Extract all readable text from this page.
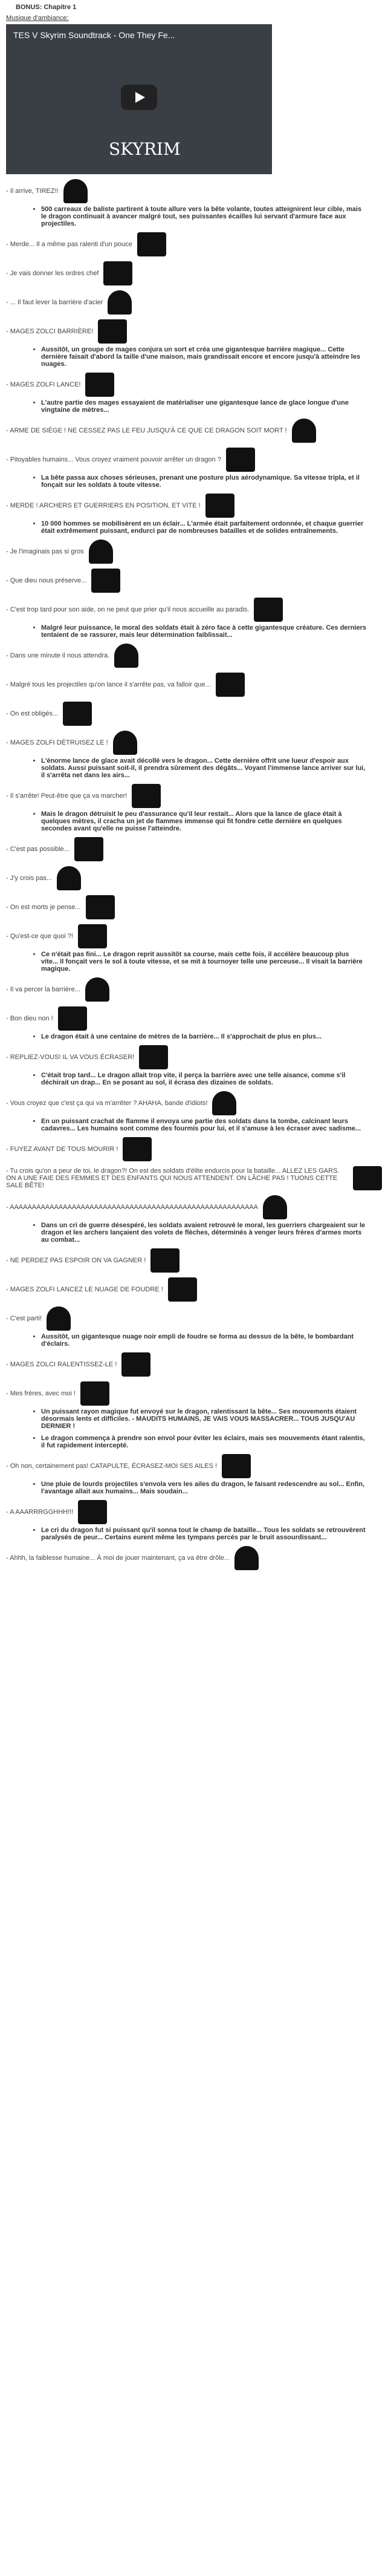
BONUS: Chapitre 1
Musique d'ambiance:
TES V Skyrim Soundtrack - One They Fe...
SKYRIM
- Il arrive, TIREZ!!
• 500 carreaux de baliste partirent à toute allure vers la bête volante, toutes atteignirent leur cible, mais le dragon continuait à avancer malgré tout, ses puissantes écailles lui servant d'armure face aux projectiles.
- Merde... Il a même pas ralenti d'un pouce
- Je vais donner les ordres chef
- ... Il faut lever la barrière d'acier
- MAGES ZOLCI BARRIÈRE!
• Aussitôt, un groupe de mages conjura un sort et créa une gigantesque barrière magique... Cette dernière faisait d'abord la taille d'une maison, mais grandissait encore et encore jusqu'à atteindre les nuages.
- MAGES ZOLFI LANCE!
• L'autre partie des mages essayaient de matérialiser une gigantesque lance de glace longue d'une vingtaine de mètres...
- ARME DE SIÈGE ! NE CESSEZ PAS LE FEU JUSQU'À CE QUE CE DRAGON SOIT MORT !
- Pitoyables humains... Vous croyez vraiment pouvoir arrêter un dragon ?
• La bête passa aux choses sérieuses, prenant une posture plus aérodynamique. Sa vitesse tripla, et il fonçait sur les soldats à toute vitesse.
- MERDE ! ARCHERS ET GUERRIERS EN POSITION, ET VITE !
• 10 000 hommes se mobilisèrent en un éclair... L'armée était parfaitement ordonnée, et chaque guerrier était extrêmement puissant, endurci par de nombreuses batailles et de solides entraînements.
- Je l'imaginais pas si gros
- Que dieu nous préserve...
- C'est trop tard pour son aide, on ne peut que prier qu'il nous accueille au paradis.
• Malgré leur puissance, le moral des soldats était à zéro face à cette gigantesque créature. Ces derniers tentaient de se rassurer, mais leur détermination faiblissait...
- Dans une minute il nous attendra.
- Malgré tous les projectiles qu'on lance il s'arrête pas, va falloir que...
- On est obligés...
- MAGES ZOLFI DÉTRUISEZ LE !
• L'énorme lance de glace avait décollé vers le dragon... Cette dernière offrit une lueur d'espoir aux soldats. Aussi puissant soit-il, il prendra sûrement des dégâts... Voyant l'immense lance arriver sur lui, il s'arrêta net dans les airs...
- Il s'arrête! Peut-être que ça va marcher!
• Mais le dragon détruisit le peu d'assurance qu'il leur restait... Alors que la lance de glace était à quelques mètres, il cracha un jet de flammes immense qui fit fondre cette dernière en quelques secondes avant qu'elle ne puisse l'atteindre.
- C'est pas possible...
- J'y crois pas...
- On est morts je pense...
- Qu'est-ce que quoi ?!
• Ce n'était pas fini... Le dragon reprit aussitôt sa course, mais cette fois, il accélère beaucoup plus vite... Il fonçait vers le sol à toute vitesse, et se mit à tournoyer telle une perceuse... Il visait la barrière magique.
- Il va percer la barrière...
- Bon dieu non !
• Le dragon était à une centaine de mètres de la barrière... Il s'approchait de plus en plus...
- REPLIEZ-VOUS! IL VA VOUS ÉCRASER!
• C'était trop tard... Le dragon allait trop vite, il perça la barrière avec une telle aisance, comme s'il déchirait un drap... En se posant au sol, il écrasa des dizaines de soldats.
- Vous croyez que c'est ça qui va m'arrêter ? AHAHA, bande d'idiots!
• En un puissant crachat de flamme il envoya une partie des soldats dans la tombe, calcinant leurs cadavres... Les humains sont comme des fourmis pour lui, et il s'amuse à les écraser avec sadisme...
- FUYEZ AVANT DE TOUS MOURIR !
- Tu crois qu'on a peur de toi, le dragon?! On est des soldats d'élite endurcis pour la bataille... ALLEZ LES GARS. ON A UNE FAIE DES FEMMES ET DES ENFANTS QUI NOUS ATTENDENT. ON LÂCHE PAS ! TUONS CETTE SALE BÊTE!
- AAAAAAAAAAAAAAAAAAAAAAAAAAAAAAAAAAAAAAAAAAAAAAAAAAAAAAAA
• Dans un cri de guerre désespéré, les soldats avaient retrouvé le moral, les guerriers chargeaient sur le dragon et les archers lançaient des volets de flèches, déterminés à venger leurs frères d'armes morts au combat...
- NE PERDEZ PAS ESPOIR ON VA GAGNER !
- MAGES ZOLFI LANCEZ LE NUAGE DE FOUDRE !
- C'est parti!
• Aussitôt, un gigantesque nuage noir empli de foudre se forma au dessus de la bête, le bombardant d'éclairs.
- MAGES ZOLCI RALENTISSEZ-LE !
- Mes frères, avec moi !
• Un puissant rayon magique fut envoyé sur le dragon, ralentissant la bête... Ses mouvements étaient désormais lents et difficiles. - MAUDITS HUMAINS, JE VAIS VOUS MASSACRER... TOUS JUSQU'AU DERNIER !
• Le dragon commença à prendre son envol pour éviter les éclairs, mais ses mouvements étant ralentis, il fut rapidement intercepté.
- Oh non, certainement pas! CATAPULTE, ÉCRASEZ-MOI SES AILES !
• Une pluie de lourds projectiles s'envola vers les ailes du dragon, le faisant redescendre au sol... Enfin, l'avantage allait aux humains... Mais soudain...
- A AAARRRGGHHH!!!
• Le cri du dragon fut si puissant qu'il sonna tout le champ de bataille... Tous les soldats se retrouvèrent paralysés de peur... Certains eurent même les tympans percés par le bruit assourdissant...
- Ahhh, la faiblesse humaine... À moi de jouer maintenant, ça va être drôle...
